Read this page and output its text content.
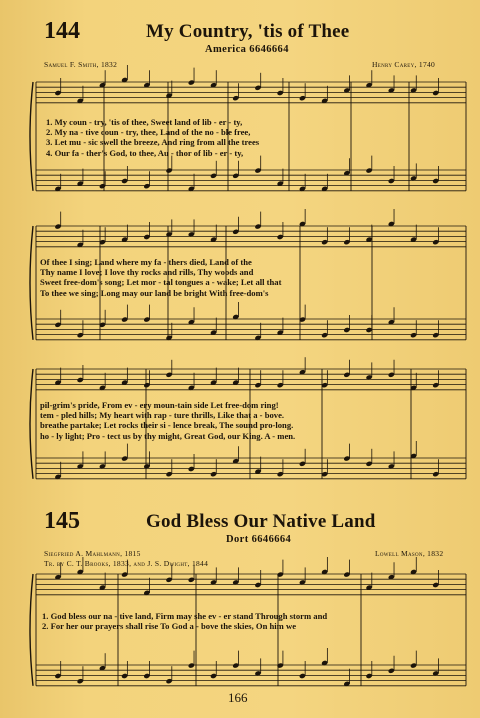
144	My Country, 'tis of Thee
America 6646664
Samuel F. Smith, 1832	Henry Carey, 1740
1. My coun - try, 'tis of thee, Sweet land of lib - er - ty,
2. My na - tive coun - try, thee, Land of the no - ble free,
3. Let mu - sic swell the breeze, And ring from all the trees
4. Our fa - ther's God, to thee, Au - thor of lib - er - ty,
Of thee I sing; Land where my fa - thers died, Land of the
Thy name I love; I love thy rocks and rills, Thy woods and
Sweet free-dom's song; Let mor - tal tongues a - wake; Let all that
To thee we sing; Long may our land be bright With free-dom's
pil-grim's pride, From ev - ery moun-tain side Let free-dom ring!
tem - pled hills; My heart with rap - ture thrills, Like that a - bove.
breathe partake; Let rocks their si - lence break, The sound pro-long.
ho - ly light; Pro - tect us by thy might, Great God, our King. A - men.
145	God Bless Our Native Land
Dort 6646664
Siegfried A. Mahlmann, 1815
Tr. by C. T. Brooks, 1833, and J. S. Dwight, 1844
Lowell Mason, 1832
1. God bless our na - tive land, Firm may she ev - er stand Through storm and
2. For her our prayers shall rise To God a - bove the skies, On him we
166
